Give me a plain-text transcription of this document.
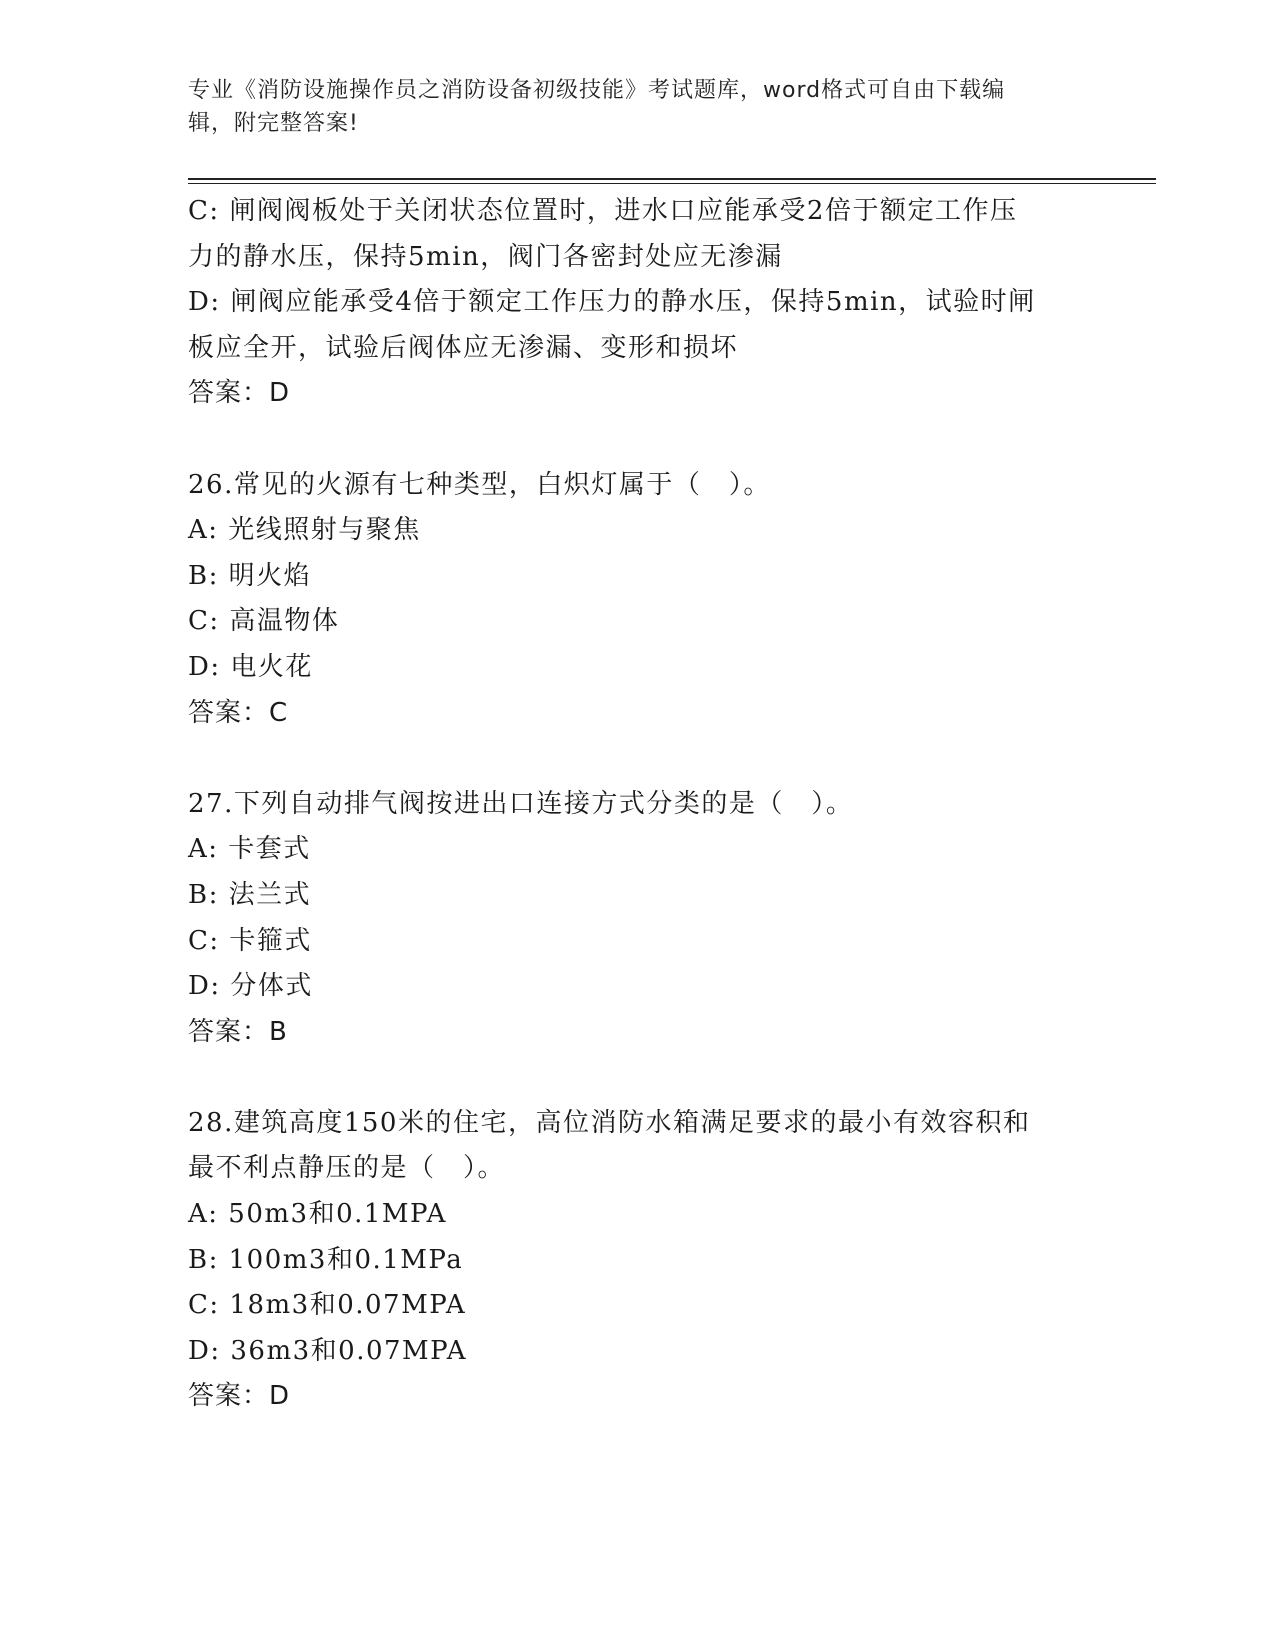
专业《消防设施操作员之消防设备初级技能》考试题库，word格式可自由下载编
辑，附完整答案!
C: 闸阀阀板处于关闭状态位置时，进水口应能承受2倍于额定工作压
力的静水压，保持5min，阀门各密封处应无渗漏
D: 闸阀应能承受4倍于额定工作压力的静水压，保持5min，试验时闸
板应全开，试验后阀体应无渗漏、变形和损坏
答案：D
26.常见的火源有七种类型，白炽灯属于（　）。
A: 光线照射与聚焦
B: 明火焰
C: 高温物体
D: 电火花
答案：C
27.下列自动排气阀按进出口连接方式分类的是（　）。
A: 卡套式
B: 法兰式
C: 卡箍式
D: 分体式
答案：B
28.建筑高度150米的住宅，高位消防水箱满足要求的最小有效容积和
最不利点静压的是（　）。
A: 50m3和0.1MPA
B: 100m3和0.1MPa
C: 18m3和0.07MPA
D: 36m3和0.07MPA
答案：D
